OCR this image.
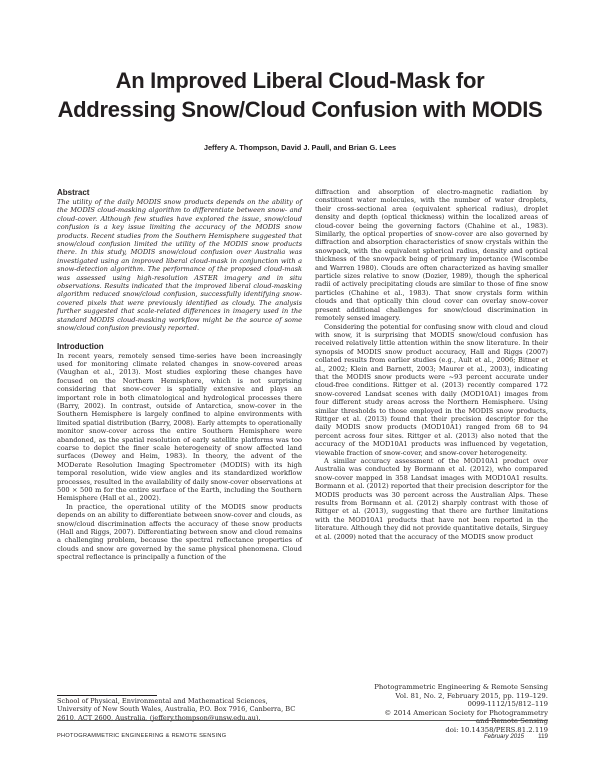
An Improved Liberal Cloud-Mask for
Addressing Snow/Cloud Confusion with MODIS
Jeffery A. Thompson, David J. Paull, and Brian G. Lees
Abstract

The utility of the daily MODIS snow products depends on the ability of the MODIS cloud-masking algorithm to differentiate between snow- and cloud-cover. Although few studies have explored the issue, snow/cloud confusion is a key issue limiting the accuracy of the MODIS snow products. Recent studies from the Southern Hemisphere suggested that snow/cloud confusion limited the utility of the MODIS snow products there. In this study, MODIS snow/cloud confusion over Australia was investigated using an improved liberal cloud-mask in conjunction with a snow-detection algorithm. The performance of the proposed cloud-mask was assessed using high-resolution ASTER imagery and in situ observations. Results indicated that the improved liberal cloud-masking algorithm reduced snow/cloud confusion, successfully identifying snow-covered pixels that were previously identified as cloudy. The analysis further suggested that scale-related differences in imagery used in the standard MODIS cloud-masking workflow might be the source of some snow/cloud confusion previously reported.

Introduction

In recent years, remotely sensed time-series have been increasingly used for monitoring climate related changes in snow-covered areas (Vaughan et al., 2013). Most studies exploring these changes have focused on the Northern Hemisphere, which is not surprising considering that snow-cover is spatially extensive and plays an important role in both climatological and hydrological processes there (Barry, 2002). In contrast, outside of Antarctica, snow-cover in the Southern Hemisphere is largely confined to alpine environments with limited spatial distribution (Barry, 2008). Early attempts to operationally monitor snow-cover across the entire Southern Hemisphere were abandoned, as the spatial resolution of early satellite platforms was too coarse to depict the finer scale heterogeneity of snow affected land surfaces (Dewey and Heim, 1983). In theory, the advent of the MODerate Resolution Imaging Spectrometer (MODIS) with its high temporal resolution, wide view angles and its standardized workflow processes, resulted in the availability of daily snow-cover observations at 500 × 500 m for the entire surface of the Earth, including the Southern Hemisphere (Hall et al., 2002).

In practice, the operational utility of the MODIS snow products depends on an ability to differentiate between snow-cover and clouds, as snow/cloud discrimination affects the accuracy of these snow products (Hall and Riggs, 2007). Differentiating between snow and cloud remains a challenging problem, because the spectral reflectance properties of clouds and snow are governed by the same physical phenomena. Cloud spectral reflectance is principally a function of the

diffraction and absorption of electro-magnetic radiation by constituent water molecules, with the number of water droplets, their cross-sectional area (equivalent spherical radius), droplet density and depth (optical thickness) within the localized areas of cloud-cover being the governing factors (Chahine et al., 1983). Similarly, the optical properties of snow-cover are also governed by diffraction and absorption characteristics of snow crystals within the snowpack, with the equivalent spherical radius, density and optical thickness of the snowpack being of primary importance (Wiscombe and Warren 1980). Clouds are often characterized as having smaller particle sizes relative to snow (Dozier, 1989), though the spherical radii of actively precipitating clouds are similar to those of fine snow particles (Chahine et al., 1983). That snow crystals form within clouds and that optically thin cloud cover can overlay snow-cover present additional challenges for snow/cloud discrimination in remotely sensed imagery.

Considering the potential for confusing snow with cloud and cloud with snow, it is surprising that MODIS snow/cloud confusion has received relatively little attention within the snow literature. In their synopsis of MODIS snow product accuracy, Hall and Riggs (2007) collated results from earlier studies (e.g., Ault et al., 2006; Bitner et al., 2002; Klein and Barnett, 2003; Maurer et al., 2003), indicating that the MODIS snow products were ~93 percent accurate under cloud-free conditions. Rittger et al. (2013) recently compared 172 snow-covered Landsat scenes with daily (MOD10A1) images from four different study areas across the Northern Hemisphere. Using similar thresholds to those employed in the MODIS snow products, Rittger et al. (2013) found that their precision descriptor for the daily MODIS snow products (MOD10A1) ranged from 68 to 94 percent across four sites. Rittger et al. (2013) also noted that the accuracy of the MOD10A1 products was influenced by vegetation, viewable fraction of snow-cover, and snow-cover heterogeneity.

A similar accuracy assessment of the MOD10A1 product over Australia was conducted by Bormann et al. (2012), who compared snow-cover mapped in 358 Landsat images with MOD10A1 results. Bormann et al. (2012) reported that their precision descriptor for the MODIS products was 30 percent across the Australian Alps. These results from Bormann et al. (2012) sharply contrast with those of Rittger et al. (2013), suggesting that there are further limitations with the MOD10A1 products that have not been reported in the literature. Although they did not provide quantitative details, Sirguey et al. (2009) noted that the accuracy of the MODIS snow product

School of Physical, Environmental and Mathematical Sciences, University of New South Wales, Australia, P.O. Box 7916, Canberra, BC 2610, ACT 2600, Australia, (jeffery.thompson@unsw.edu.au).
Photogrammetric Engineering & Remote Sensing
Vol. 81, No. 2, February 2015, pp. 119–129.
0099-1112/15/812–119
© 2014 American Society for Photogrammetry
and Remote Sensing
doi: 10.14358/PERS.81.2.119
PHOTOGRAMMETRIC ENGINEERING & REMOTE SENSING	February 2015 119
